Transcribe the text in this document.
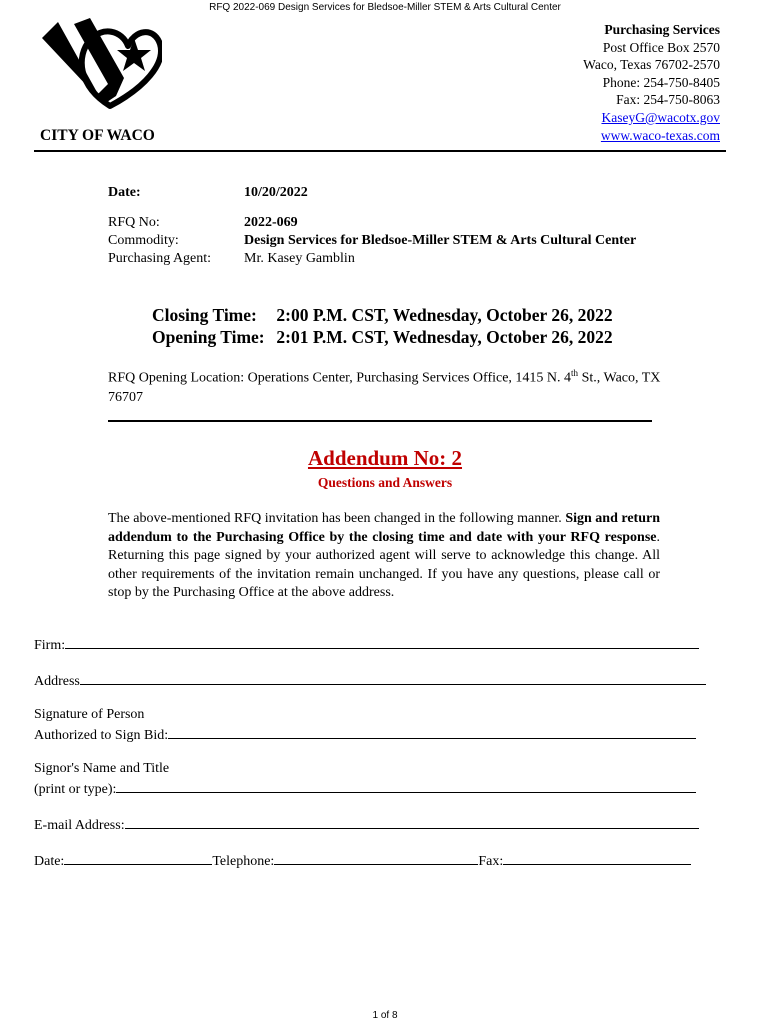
RFQ 2022-069 Design Services for Bledsoe-Miller STEM & Arts Cultural Center
CITY OF WACO
Purchasing Services
Post Office Box 2570
Waco, Texas 76702-2570
Phone: 254-750-8405
Fax: 254-750-8063
KaseyG@wacotx.gov
www.waco-texas.com
Date:	10/20/2022
RFQ No:	2022-069
Commodity:	Design Services for Bledsoe-Miller STEM & Arts Cultural Center
Purchasing Agent: Mr. Kasey Gamblin
Closing Time: 2:00 P.M. CST, Wednesday, October 26, 2022
Opening Time: 2:01 P.M. CST, Wednesday, October 26, 2022
RFQ Opening Location: Operations Center, Purchasing Services Office, 1415 N. 4th St., Waco, TX 76707
Addendum No: 2
Questions and Answers
The above-mentioned RFQ invitation has been changed in the following manner. Sign and return addendum to the Purchasing Office by the closing time and date with your RFQ response. Returning this page signed by your authorized agent will serve to acknowledge this change. All other requirements of the invitation remain unchanged. If you have any questions, please call or stop by the Purchasing Office at the above address.
Firm:
Address
Signature of Person
Authorized to Sign Bid:
Signor's Name and Title
(print or type):
E-mail Address:
Date:	Telephone:	Fax:
1 of 8
